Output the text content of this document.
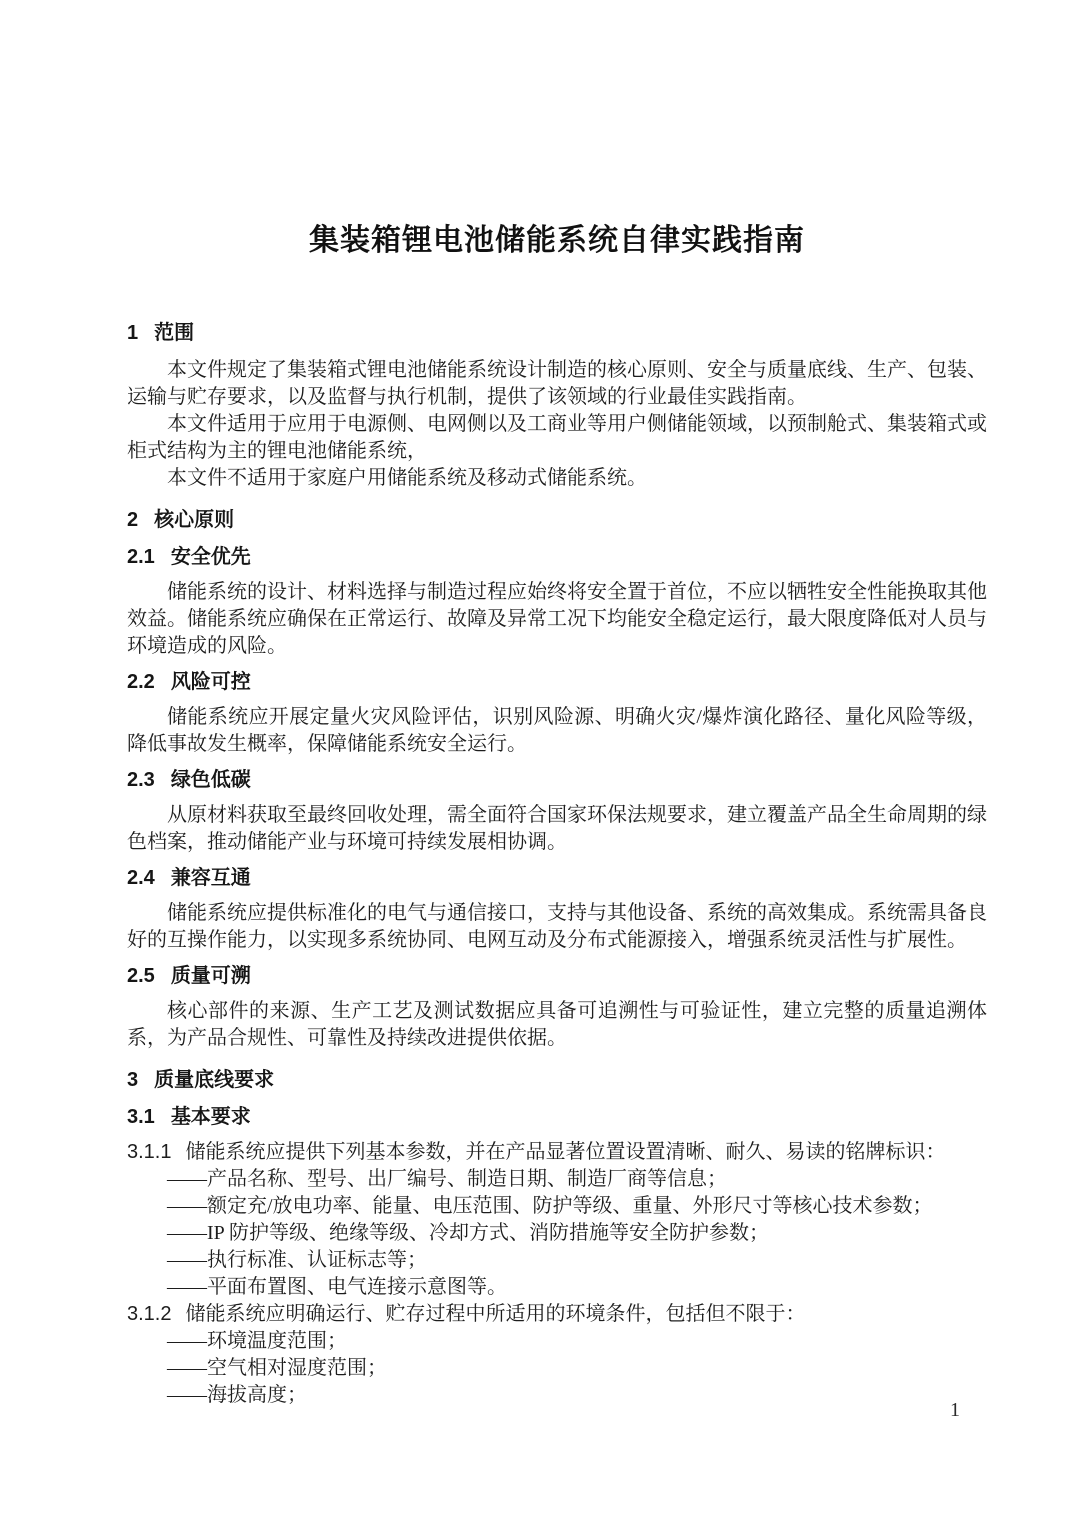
集装箱锂电池储能系统自律实践指南
1 范围

本文件规定了集装箱式锂电池储能系统设计制造的核心原则、安全与质量底线、生产、包装、运输与贮存要求，以及监督与执行机制，提供了该领域的行业最佳实践指南。

本文件适用于应用于电源侧、电网侧以及工商业等用户侧储能领域，以预制舱式、集装箱式或柜式结构为主的锂电池储能系统，

本文件不适用于家庭户用储能系统及移动式储能系统。

2 核心原则
2.1 安全优先

储能系统的设计、材料选择与制造过程应始终将安全置于首位，不应以牺牲安全性能换取其他效益。储能系统应确保在正常运行、故障及异常工况下均能安全稳定运行，最大限度降低对人员与环境造成的风险。

2.2 风险可控

储能系统应开展定量火灾风险评估，识别风险源、明确火灾/爆炸演化路径、量化风险等级，降低事故发生概率，保障储能系统安全运行。

2.3 绿色低碳

从原材料获取至最终回收处理，需全面符合国家环保法规要求，建立覆盖产品全生命周期的绿色档案，推动储能产业与环境可持续发展相协调。

2.4 兼容互通

储能系统应提供标准化的电气与通信接口，支持与其他设备、系统的高效集成。系统需具备良好的互操作能力，以实现多系统协同、电网互动及分布式能源接入，增强系统灵活性与扩展性。

2.5 质量可溯

核心部件的来源、生产工艺及测试数据应具备可追溯性与可验证性，建立完整的质量追溯体系，为产品合规性、可靠性及持续改进提供依据。

3 质量底线要求
3.1 基本要求

3.1.1 储能系统应提供下列基本参数，并在产品显著位置设置清晰、耐久、易读的铭牌标识：

——产品名称、型号、出厂编号、制造日期、制造厂商等信息；

——额定充/放电功率、能量、电压范围、防护等级、重量、外形尺寸等核心技术参数；

——IP 防护等级、绝缘等级、冷却方式、消防措施等安全防护参数；

——执行标准、认证标志等；

——平面布置图、电气连接示意图等。

3.1.2 储能系统应明确运行、贮存过程中所适用的环境条件，包括但不限于：

——环境温度范围；

——空气相对湿度范围；

——海拔高度；

1
